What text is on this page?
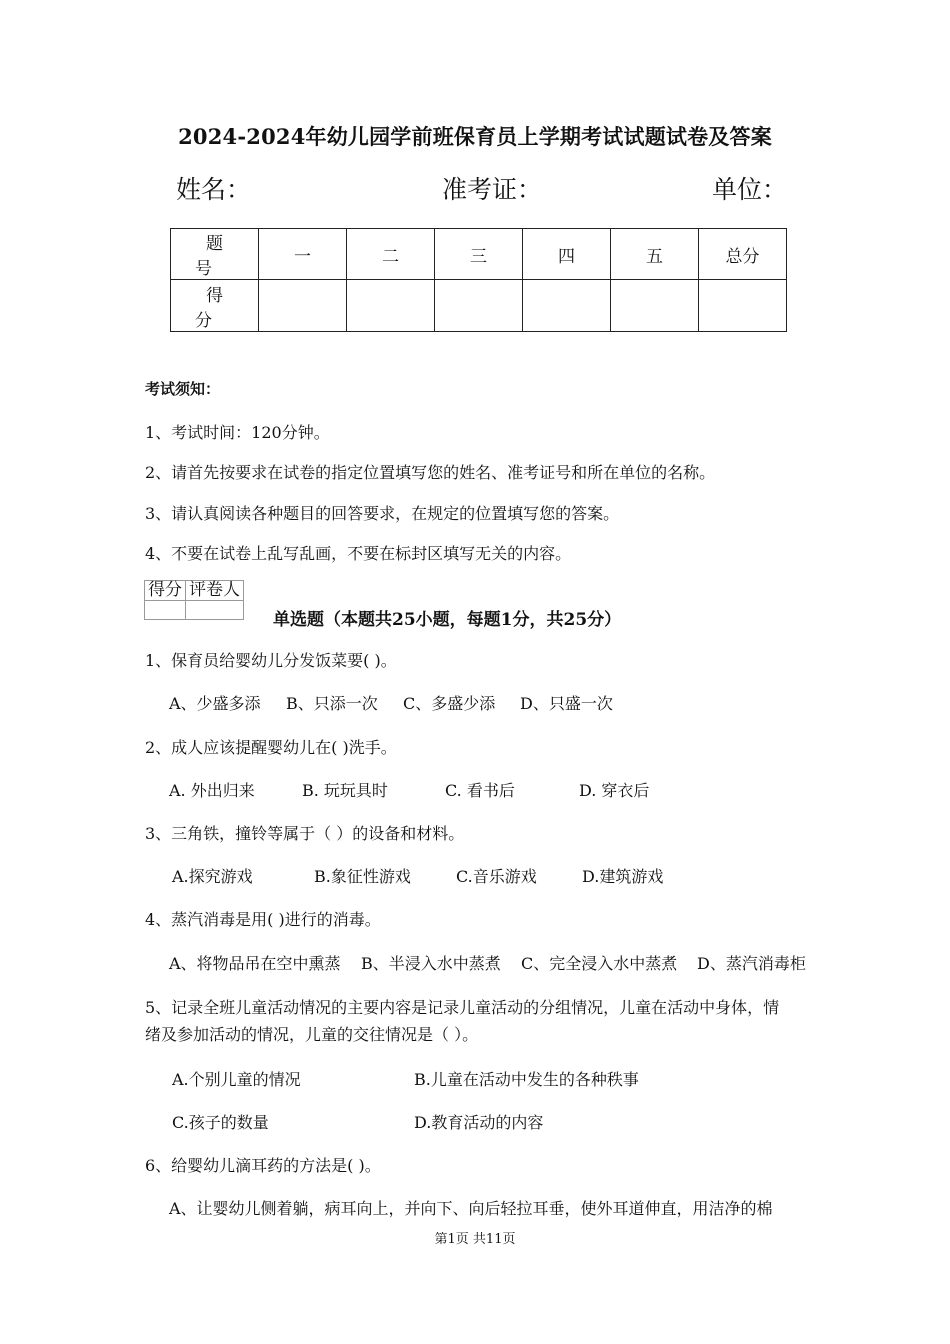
2024-2024年幼儿园学前班保育员上学期考试试题试卷及答案
姓名：	准考证：	单位：
题 号	一	二	三	四	五	总分
得 分						
考试须知：
1、考试时间：120分钟。
2、请首先按要求在试卷的指定位置填写您的姓名、准考证号和所在单位的名称。
3、请认真阅读各种题目的回答要求，在规定的位置填写您的答案。
4、不要在试卷上乱写乱画，不要在标封区填写无关的内容。
得分	评卷人

单选题（本题共25小题，每题1分，共25分）
1、保育员给婴幼儿分发饭菜要( )。
A、少盛多添 B、只添一次 C、多盛少添 D、只盛一次
2、成人应该提醒婴幼儿在( )洗手。
A. 外出归来	B. 玩玩具时	C. 看书后	D. 穿衣后
3、三角铁，撞铃等属于（ ）的设备和材料。
A.探究游戏	B.象征性游戏	C.音乐游戏	D.建筑游戏
4、蒸汽消毒是用( )进行的消毒。
A、将物品吊在空中熏蒸 B、半浸入水中蒸煮 C、完全浸入水中蒸煮 D、蒸汽消毒柜
5、记录全班儿童活动情况的主要内容是记录儿童活动的分组情况，儿童在活动中身体，情
绪及参加活动的情况，儿童的交往情况是（ ）。
A.个别儿童的情况	B.儿童在活动中发生的各种秩事
C.孩子的数量	D.教育活动的内容
6、给婴幼儿滴耳药的方法是( )。
A、让婴幼儿侧着躺，病耳向上，并向下、向后轻拉耳垂，使外耳道伸直，用洁净的棉
第1页 共11页
